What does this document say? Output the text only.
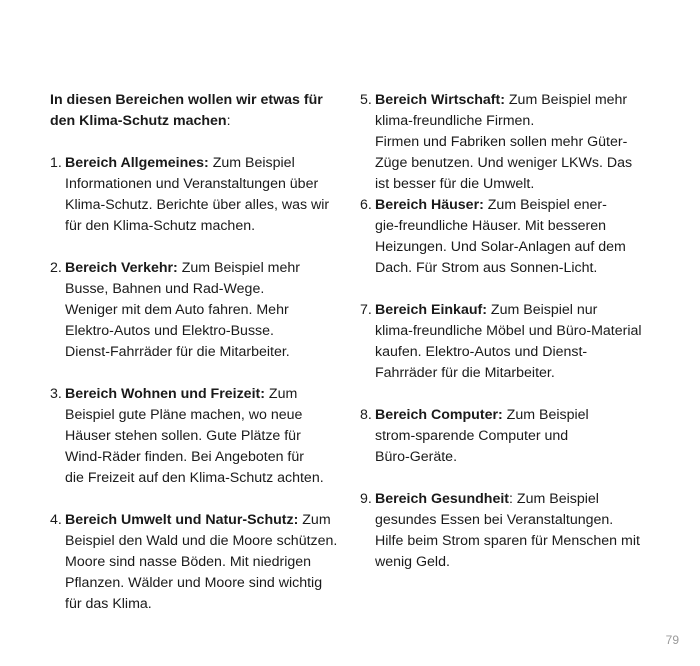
In diesen Bereichen wollen wir etwas für den Klima-Schutz machen:

1. Bereich Allgemeines: Zum Beispiel
Informationen und Veranstaltungen über
Klima-Schutz. Berichte über alles, was wir
für den Klima-Schutz machen.
2. Bereich Verkehr: Zum Beispiel mehr
Busse, Bahnen und Rad-Wege.
Weniger mit dem Auto fahren. Mehr
Elektro-Autos und Elektro-Busse.
Dienst-Fahrräder für die Mitarbeiter.
3. Bereich Wohnen und Freizeit: Zum
Beispiel gute Pläne machen, wo neue
Häuser stehen sollen. Gute Plätze für
Wind-Räder finden. Bei Angeboten für
die Freizeit auf den Klima-Schutz achten.
4. Bereich Umwelt und Natur-Schutz: Zum
Beispiel den Wald und die Moore schützen.
Moore sind nasse Böden. Mit niedrigen
Pflanzen. Wälder und Moore sind wichtig
für das Klima.
5. Bereich Wirtschaft: Zum Beispiel mehr
klima-freundliche Firmen.
Firmen und Fabriken sollen mehr Güter-
Züge benutzen. Und weniger LKWs. Das
ist besser für die Umwelt.
6. Bereich Häuser: Zum Beispiel ener-
gie-freundliche Häuser. Mit besseren
Heizungen. Und Solar-Anlagen auf dem
Dach. Für Strom aus Sonnen-Licht.
7. Bereich Einkauf: Zum Beispiel nur
klima-freundliche Möbel und Büro-Material
kaufen. Elektro-Autos und Dienst-
Fahrräder für die Mitarbeiter.
8. Bereich Computer: Zum Beispiel
strom-sparende Computer und
Büro-Geräte.
9. Bereich Gesundheit: Zum Beispiel
gesundes Essen bei Veranstaltungen.
Hilfe beim Strom sparen für Menschen mit
wenig Geld.
79
